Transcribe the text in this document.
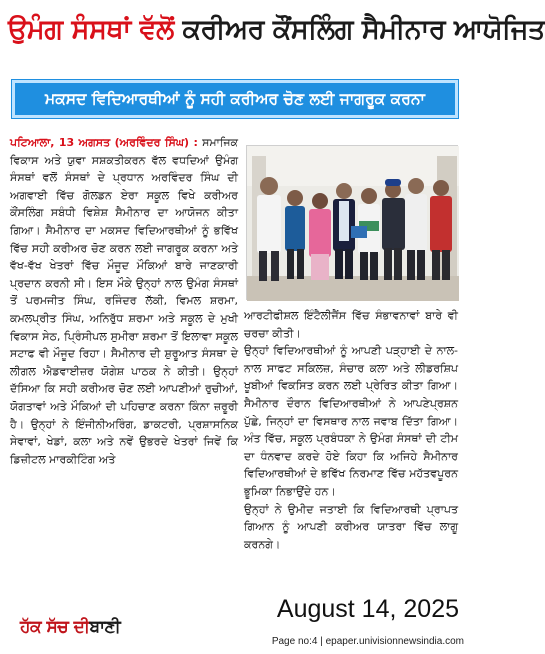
ਉਮੰਗ ਸੰਸਥਾਂ ਵੱਲੋਂ ਕਰੀਅਰ ਕੌਂਸਲਿੰਗ ਸੈਮੀਨਾਰ ਆਯੋਜਿਤ
ਮਕਸਦ ਵਿਦਿਆਰਥੀਆਂ ਨੂੰ ਸਹੀ ਕਰੀਅਰ ਚੋਣ ਲਈ ਜਾਗਰੂਕ ਕਰਨਾ

ਪਟਿਆਲਾ, 13 ਅਗਸਤ (ਅਰਵਿੰਦਰ ਸਿੰਘ) : ਸਮਾਜਿਕ ਵਿਕਾਸ ਅਤੇ ਯੁਵਾ ਸਸ਼ਕਤੀਕਰਨ ਵੱਲ ਵਧਦਿਆਂ ਉਮੰਗ ਸੰਸਥਾਂ ਵਲੋਂ ਸੰਸਥਾਂ ਦੇ ਪ੍ਰਧਾਨ ਅਰਵਿੰਦਰ ਸਿੰਘ ਦੀ ਅਗਵਾਈ ਵਿੱਚ ਗੋਲਡਨ ਏਰਾ ਸਕੂਲ ਵਿਖੇ ਕਰੀਅਰ ਕੌਂਸਲਿੰਗ ਸਬੰਧੀ ਵਿਸ਼ੇਸ਼ ਸੈਮੀਨਾਰ ਦਾ ਆਯੋਜਨ ਕੀਤਾ ਗਿਆ। ਸੈਮੀਨਾਰ ਦਾ ਮਕਸਦ ਵਿਦਿਆਰਥੀਆਂ ਨੂੰ ਭਵਿੱਖ ਵਿੱਚ ਸਹੀ ਕਰੀਅਰ ਚੋਣ ਕਰਨ ਲਈ ਜਾਗਰੂਕ ਕਰਨਾ ਅਤੇ ਵੱਖ-ਵੱਖ ਖੇਤਰਾਂ ਵਿੱਚ ਮੌਜੂਦ ਮੌਕਿਆਂ ਬਾਰੇ ਜਾਣਕਾਰੀ ਪ੍ਰਦਾਨ ਕਰਨੀ ਸੀ। ਇਸ ਮੌਕੇ ਉਨ੍ਹਾਂ ਨਾਲ ਉਮੰਗ ਸੰਸਥਾਂ ਤੋਂ ਪਰਮਜੀਤ ਸਿੰਘ, ਰਜਿੰਦਰ ਲੱਕੀ, ਵਿਮਲ ਸ਼ਰਮਾ, ਕਮਲਪ੍ਰੀਤ ਸਿੰਘ, ਅਨਿਰੁੱਧ ਸ਼ਰਮਾ ਅਤੇ ਸਕੂਲ ਦੇ ਮੁਖੀ ਵਿਕਾਸ ਸੇਠ, ਪ੍ਰਿੰਸੀਪਲ ਸੁਮੀਰਾ ਸ਼ਰਮਾ ਤੋਂ ਇਲਾਵਾ ਸਕੂਲ ਸਟਾਫ ਵੀ ਮੌਜੂਦ ਰਿਹਾ। ਸੈਮੀਨਾਰ ਦੀ ਸ਼ੁਰੂਆਤ ਸੰਸਥਾ ਦੇ ਲੀਗਲ ਐਡਵਾਈਜ਼ਰ ਯੋਗੇਸ਼ ਪਾਠਕ ਨੇ ਕੀਤੀ। ਉਨ੍ਹਾਂ ਦੱਸਿਆ ਕਿ ਸਹੀ ਕਰੀਅਰ ਚੋਣ ਲਈ ਆਪਣੀਆਂ ਰੁਚੀਆਂ, ਯੋਗਤਾਵਾਂ ਅਤੇ ਮੌਕਿਆਂ ਦੀ ਪਹਿਚਾਣ ਕਰਨਾ ਕਿੰਨਾ ਜ਼ਰੂਰੀ ਹੈ। ਉਨ੍ਹਾਂ ਨੇ ਇੰਜੀਨੀਅਰਿੰਗ, ਡਾਕਟਰੀ, ਪ੍ਰਸ਼ਾਸਨਿਕ ਸੇਵਾਵਾਂ, ਖੇਡਾਂ, ਕਲਾ ਅਤੇ ਨਵੇਂ ਉਭਰਦੇ ਖੇਤਰਾਂ ਜਿਵੇਂ ਕਿ ਡਿਜ਼ੀਟਲ ਮਾਰਕੀਟਿੰਗ ਅਤੇ

ਆਰਟੀਫੀਸ਼ਲ ਇੰਟੈਲੀਜੈਂਸ ਵਿੱਚ ਸੰਭਾਵਨਾਵਾਂ ਬਾਰੇ ਵੀ ਚਰਚਾ ਕੀਤੀ।

ਉਨ੍ਹਾਂ ਵਿਦਿਆਰਥੀਆਂ ਨੂੰ ਆਪਣੀ ਪੜ੍ਹਾਈ ਦੇ ਨਾਲ-ਨਾਲ ਸਾਫਟ ਸਕਿਲਜ਼, ਸੰਚਾਰ ਕਲਾ ਅਤੇ ਲੀਡਰਸ਼ਿਪ ਖੂਬੀਆਂ ਵਿਕਸਿਤ ਕਰਨ ਲਈ ਪ੍ਰੇਰਿਤ ਕੀਤਾ ਗਿਆ। ਸੈਮੀਨਾਰ ਦੌਰਾਨ ਵਿਦਿਆਰਥੀਆਂ ਨੇ ਆਪਣੇਪ੍ਰਸ਼ਨ ਪੁੱਛੇ, ਜਿਨ੍ਹਾਂ ਦਾ ਵਿਸਥਾਰ ਨਾਲ ਜਵਾਬ ਦਿੱਤਾ ਗਿਆ। ਅੰਤ ਵਿੱਚ, ਸਕੂਲ ਪ੍ਰਬੰਧਕਾ ਨੇ ਉਮੰਗ ਸੰਸਥਾਂ ਦੀ ਟੀਮ ਦਾ ਧੰਨਵਾਦ ਕਰਦੇ ਹੋਏ ਕਿਹਾ ਕਿ ਅਜਿਹੇ ਸੈਮੀਨਾਰ ਵਿਦਿਆਰਥੀਆਂ ਦੇ ਭਵਿੱਖ ਨਿਰਮਾਣ ਵਿੱਚ ਮਹੱਤਵਪੂਰਨ ਭੂਮਿਕਾ ਨਿਭਾਉਂਦੇ ਹਨ।

ਉਨ੍ਹਾਂ ਨੇ ਉਮੀਦ ਜਤਾਈ ਕਿ ਵਿਦਿਆਰਥੀ ਪ੍ਰਾਪਤ ਗਿਆਨ ਨੂੰ ਆਪਣੀ ਕਰੀਅਰ ਯਾਤਰਾ ਵਿੱਚ ਲਾਗੂ ਕਰਨਗੇ।

August 14, 2025
ਹੱਕ ਸੱਚ ਦੀਬਾਣੀ
Page no:4 | epaper.univisionnewsindia.com
